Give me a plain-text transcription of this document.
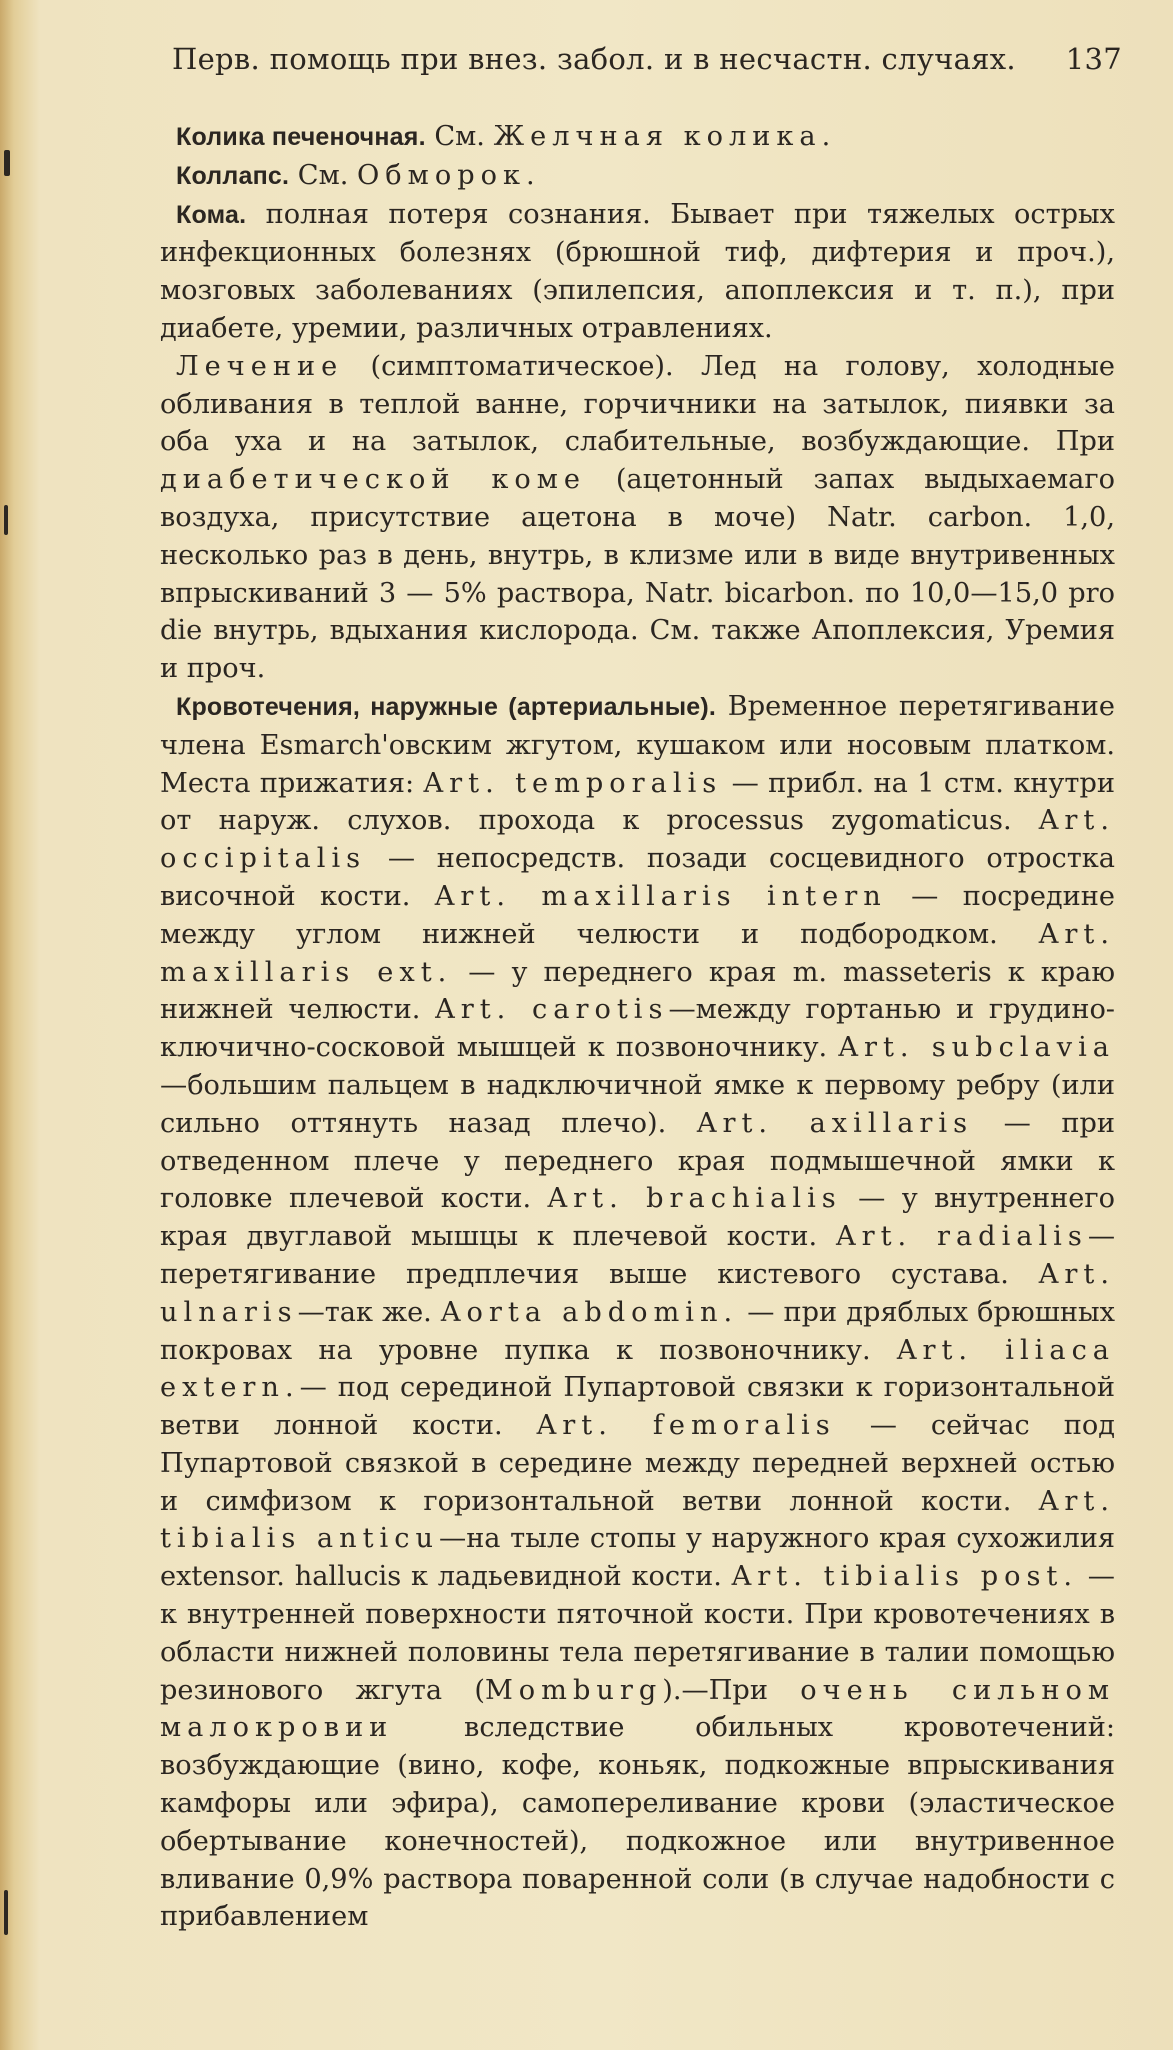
Перв. помощь при внез. забол. и в несчастн. случаях. 137

Колика печеночная. См. Желчная колика.

Коллапс. См. Обморок.

Кома. полная потеря сознания. Бывает при тяжелых острых инфекционных болезнях (брюшной тиф, дифтерия и проч.), мозговых заболеваниях (эпилепсия, апоплексия и т. п.), при диабете, уремии, различных отравлениях.

Лечение (симптоматическое). Лед на голову, холодные обливания в теплой ванне, горчичники на затылок, пиявки за оба уха и на затылок, слабительные, возбуждающие. При диабетической коме (ацетонный запах выдыхаемаго воздуха, присутствие ацетона в моче) Natr. carbon. 1,0, несколько раз в день, внутрь, в клизме или в виде внутривенных впрыскиваний 3 — 5% раствора, Natr. bicarbon. по 10,0—15,0 pro die внутрь, вдыхания кислорода. См. также Апоплексия, Уремия и проч.

Кровотечения, наружные (артериальные). Временное перетягивание члена Esmarch'овским жгутом, кушаком или носовым платком. Места прижатия: Art. temporalis — прибл. на 1 стм. кнутри от наруж. слухов. прохода к processus zygomaticus. Art. occipitalis — непосредств. позади сосцевидного отростка височной кости. Art. maxillaris intern — посредине между углом нижней челюсти и подбородком. Art. maxillaris ext. — у переднего края m. masseteris к краю нижней челюсти. Art. carotis—между гортанью и грудино-ключично-сосковой мышцей к позвоночнику. Art. subclavia—большим пальцем в надключичной ямке к первому ребру (или сильно оттянуть назад плечо). Art. axillaris — при отведенном плече у переднего края подмышечной ямки к головке плечевой кости. Art. brachialis — у внутреннего края двуглавой мышцы к плечевой кости. Art. radialis—перетягивание предплечия выше кистевого сустава. Art. ulnaris—так же. Aorta abdomin. — при дряблых брюшных покровах на уровне пупка к позвоночнику. Art. iliaca extern.— под серединой Пупартовой связки к горизонтальной ветви лонной кости. Art. femoralis — сейчас под Пупартовой связкой в середине между передней верхней остью и симфизом к горизонтальной ветви лонной кости. Art. tibialis anticu—на тыле стопы у наружного края сухожилия extensor. hallucis к ладьевидной кости. Art. tibialis post. — к внутренней поверхности пяточной кости. При кровотечениях в области нижней половины тела перетягивание в талии помощью резинового жгута (Momburg).—При очень сильном малокровии вследствие обильных кровотечений: возбуждающие (вино, кофе, коньяк, подкожные впрыскивания камфоры или эфира), самопереливание крови (эластическое обертывание конечностей), подкожное или внутривенное вливание 0,9% раствора поваренной соли (в случае надобности с прибавлением
